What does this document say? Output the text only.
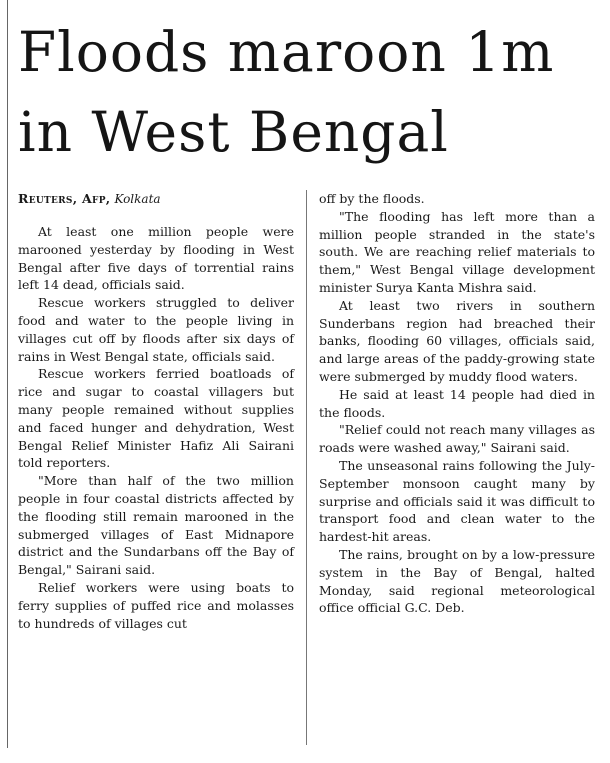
Floods maroon 1m in West Bengal
Reuters, Afp, Kolkata

At least one million people were marooned yesterday by flooding in West Bengal after five days of torrential rains left 14 dead, officials said.

Rescue workers struggled to deliver food and water to the people living in villages cut off by floods after six days of rains in West Bengal state, officials said.

Rescue workers ferried boatloads of rice and sugar to coastal villagers but many people remained without supplies and faced hunger and dehydration, West Bengal Relief Minister Hafiz Ali Sairani told reporters.

"More than half of the two million people in four coastal districts affected by the flooding still remain marooned in the submerged villages of East Midnapore district and the Sundarbans off the Bay of Bengal," Sairani said.

Relief workers were using boats to ferry supplies of puffed rice and molasses to hundreds of villages cut

off by the floods.

"The flooding has left more than a million people stranded in the state's south. We are reaching relief materials to them," West Bengal village development minister Surya Kanta Mishra said.

At least two rivers in southern Sunderbans region had breached their banks, flooding 60 villages, officials said, and large areas of the paddy-growing state were submerged by muddy flood waters.

He said at least 14 people had died in the floods.

"Relief could not reach many villages as roads were washed away," Sairani said.

The unseasonal rains following the July-September monsoon caught many by surprise and officials said it was difficult to transport food and clean water to the hardest-hit areas.

The rains, brought on by a low-pressure system in the Bay of Bengal, halted Monday, said regional meteorological office official G.C. Deb.
